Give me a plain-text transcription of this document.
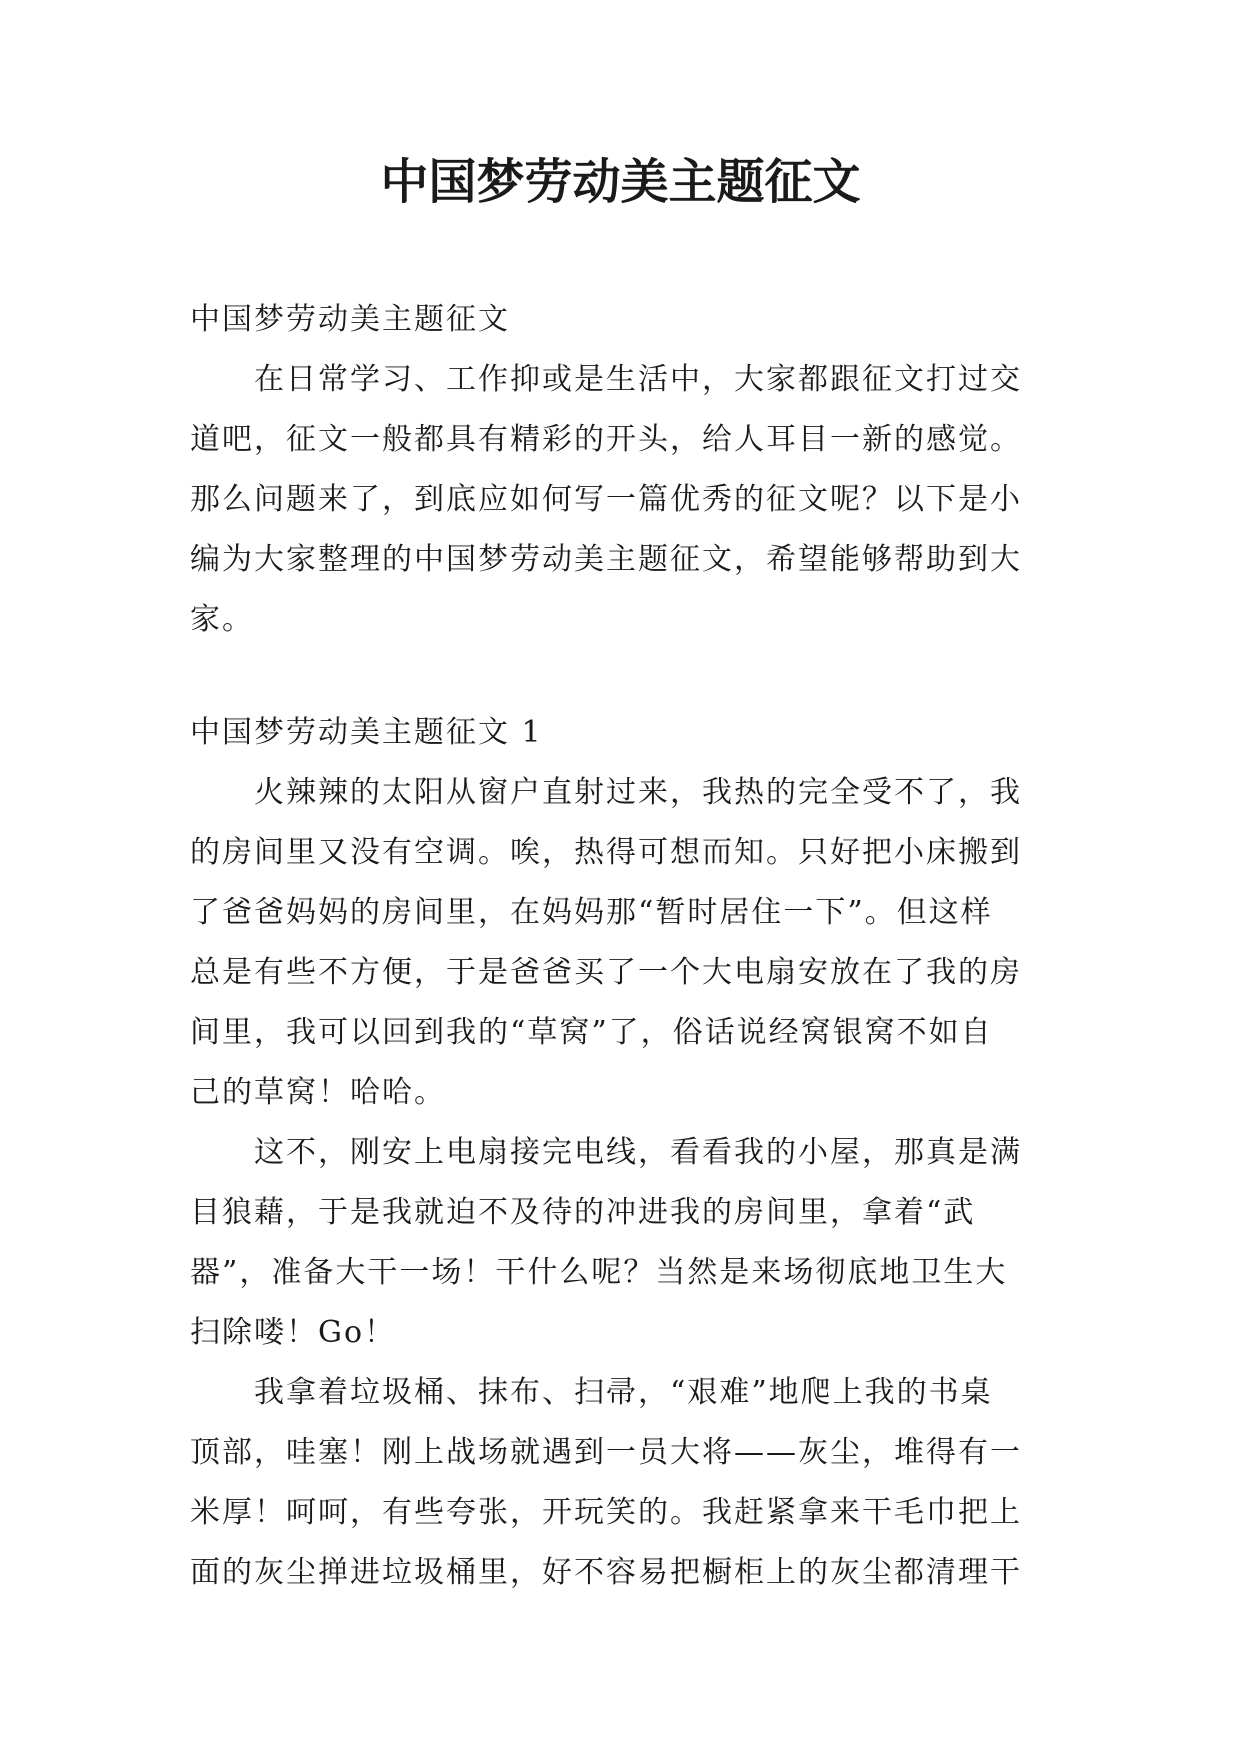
中国梦劳动美主题征文
中国梦劳动美主题征文
在日常学习、工作抑或是生活中，大家都跟征文打过交
道吧，征文一般都具有精彩的开头，给人耳目一新的感觉。
那么问题来了，到底应如何写一篇优秀的征文呢？以下是小
编为大家整理的中国梦劳动美主题征文，希望能够帮助到大
家。
中国梦劳动美主题征文 1
火辣辣的太阳从窗户直射过来，我热的完全受不了，我
的房间里又没有空调。唉，热得可想而知。只好把小床搬到
了爸爸妈妈的房间里，在妈妈那“暂时居住一下”。但这样
总是有些不方便，于是爸爸买了一个大电扇安放在了我的房
间里，我可以回到我的“草窝”了，俗话说经窝银窝不如自
己的草窝！哈哈。
这不，刚安上电扇接完电线，看看我的小屋，那真是满
目狼藉，于是我就迫不及待的冲进我的房间里，拿着“武
器”，准备大干一场！干什么呢？当然是来场彻底地卫生大
扫除喽！Go！
我拿着垃圾桶、抹布、扫帚，“艰难”地爬上我的书桌
顶部，哇塞！刚上战场就遇到一员大将——灰尘，堆得有一
米厚！呵呵，有些夸张，开玩笑的。我赶紧拿来干毛巾把上
面的灰尘掸进垃圾桶里，好不容易把橱柜上的灰尘都清理干
